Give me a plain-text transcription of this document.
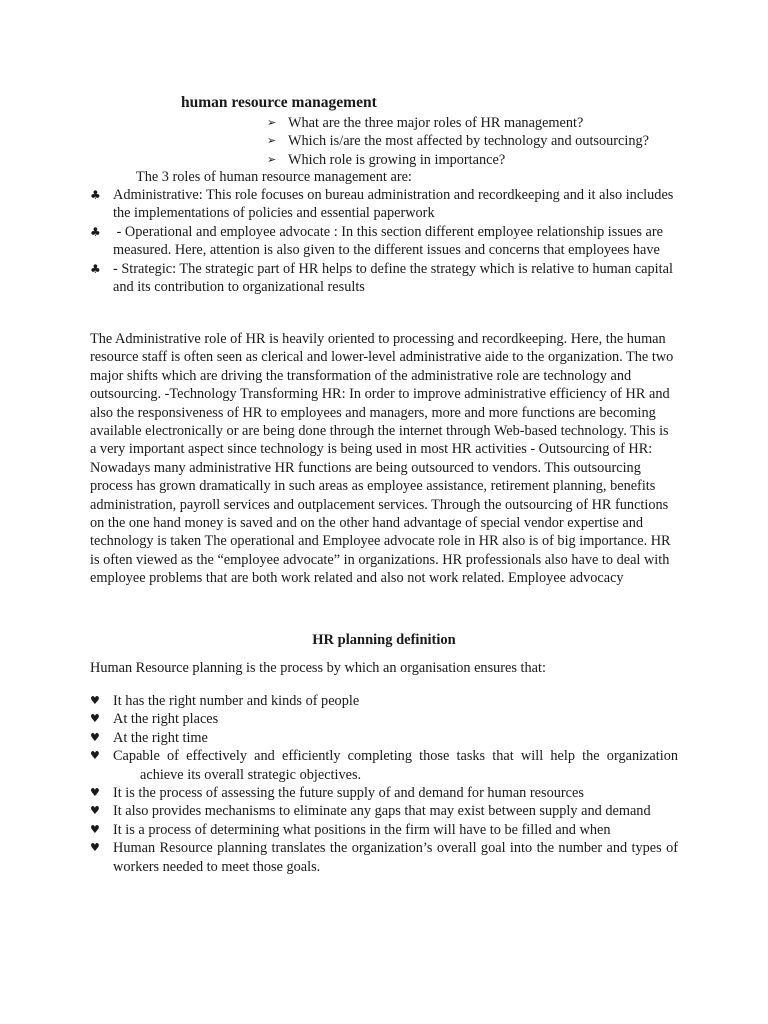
human resource management
➢ What are the three major roles of HR management?
➢ Which is/are the most affected by technology and outsourcing?
➢ Which role is growing in importance?
The 3 roles of human resource management are:
♣ Administrative: This role focuses on bureau administration and recordkeeping and it also includes the implementations of policies and essential paperwork
♣ - Operational and employee advocate : In this section different employee relationship issues are measured. Here, attention is also given to the different issues and concerns that employees have
♣ - Strategic: The strategic part of HR helps to define the strategy which is relative to human capital and its contribution to organizational results
The Administrative role of HR is heavily oriented to processing and recordkeeping. Here, the human resource staff is often seen as clerical and lower-level administrative aide to the organization. The two major shifts which are driving the transformation of the administrative role are technology and outsourcing. -Technology Transforming HR: In order to improve administrative efficiency of HR and also the responsiveness of HR to employees and managers, more and more functions are becoming available electronically or are being done through the internet through Web-based technology. This is a very important aspect since technology is being used in most HR activities - Outsourcing of HR: Nowadays many administrative HR functions are being outsourced to vendors. This outsourcing process has grown dramatically in such areas as employee assistance, retirement planning, benefits administration, payroll services and outplacement services. Through the outsourcing of HR functions on the one hand money is saved and on the other hand advantage of special vendor expertise and technology is taken The operational and Employee advocate role in HR also is of big importance. HR is often viewed as the “employee advocate” in organizations. HR professionals also have to deal with employee problems that are both work related and also not work related. Employee advocacy
HR planning definition
Human Resource planning is the process by which an organisation ensures that:
♥ It has the right number and kinds of people
♥ At the right places
♥ At the right time
♥ Capable of effectively and efficiently completing those tasks that will help the organization
achieve its overall strategic objectives.
♥ It is the process of assessing the future supply of and demand for human resources
♥ It also provides mechanisms to eliminate any gaps that may exist between supply and demand
♥ It is a process of determining what positions in the firm will have to be filled and when
♥ Human Resource planning translates the organization’s overall goal into the number and types of workers needed to meet those goals.
